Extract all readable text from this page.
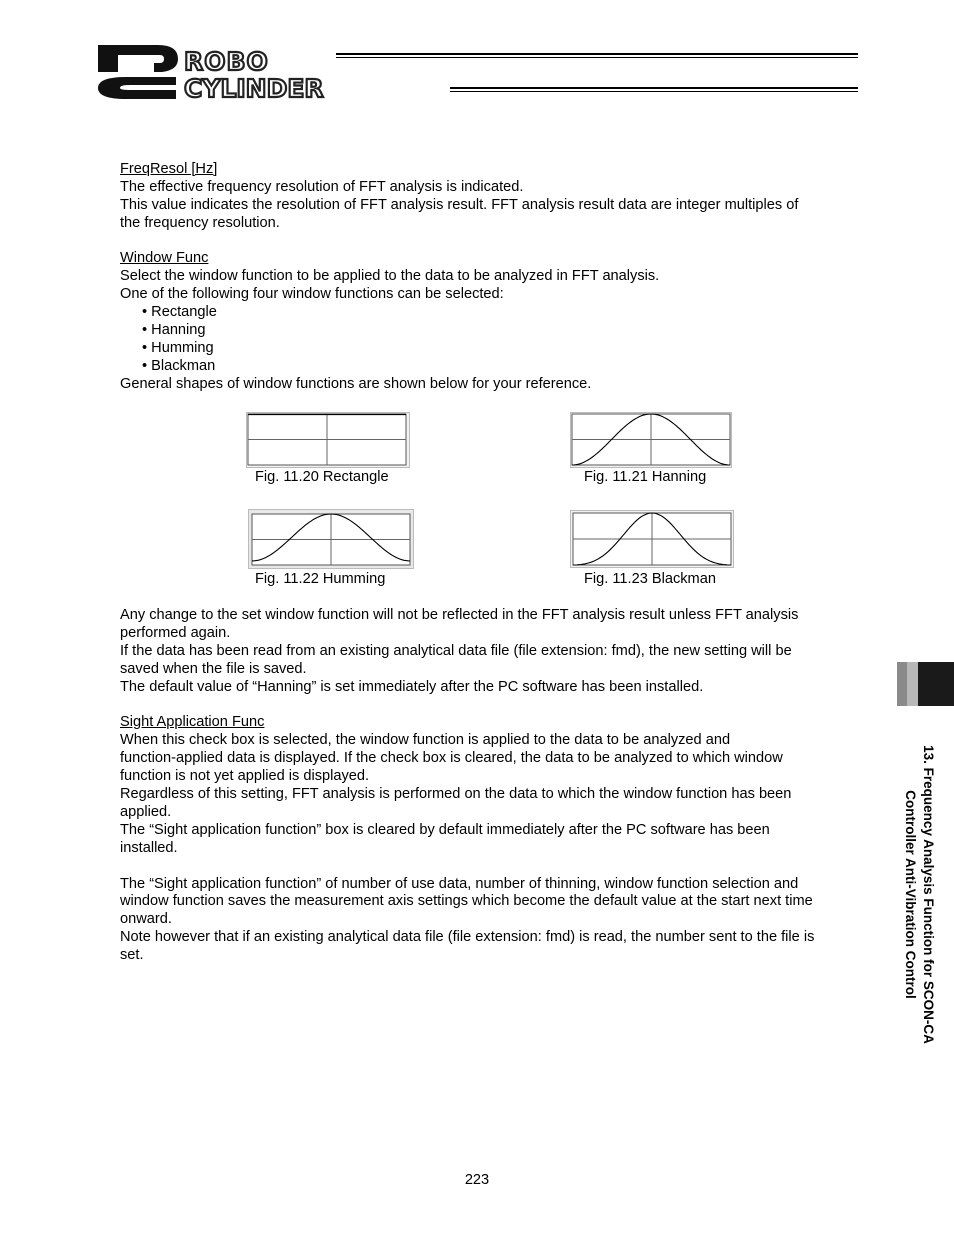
ROBO
CYLINDER
FreqResol [Hz]
The effective frequency resolution of FFT analysis is indicated.
This value indicates the resolution of FFT analysis result. FFT analysis result data are integer multiples of
the frequency resolution.
Window Func
Select the window function to be applied to the data to be analyzed in FFT analysis.
One of the following four window functions can be selected:
• Rectangle
• Hanning
• Humming
• Blackman
General shapes of window functions are shown below for your reference.
Fig. 11.20 Rectangle	Fig. 11.21 Hanning
Fig. 11.22 Humming	Fig. 11.23 Blackman
Any change to the set window function will not be reflected in the FFT analysis result unless FFT analysis
performed again.
If the data has been read from an existing analytical data file (file extension: fmd), the new setting will be
saved when the file is saved.
The default value of “Hanning” is set immediately after the PC software has been installed.
Sight Application Func
When this check box is selected, the window function is applied to the data to be analyzed and
function-applied data is displayed. If the check box is cleared, the data to be analyzed to which window
function is not yet applied is displayed.
Regardless of this setting, FFT analysis is performed on the data to which the window function has been
applied.
The “Sight application function” box is cleared by default immediately after the PC software has been
installed.
The “Sight application function” of number of use data, number of thinning, window function selection and
window function saves the measurement axis settings which become the default value at the start next time
onward.
Note however that if an existing analytical data file (file extension: fmd) is read, the number sent to the file is
set.	13. Frequency Analysis Function for SCON-CA
Controller Anti-Vibration Control
223
